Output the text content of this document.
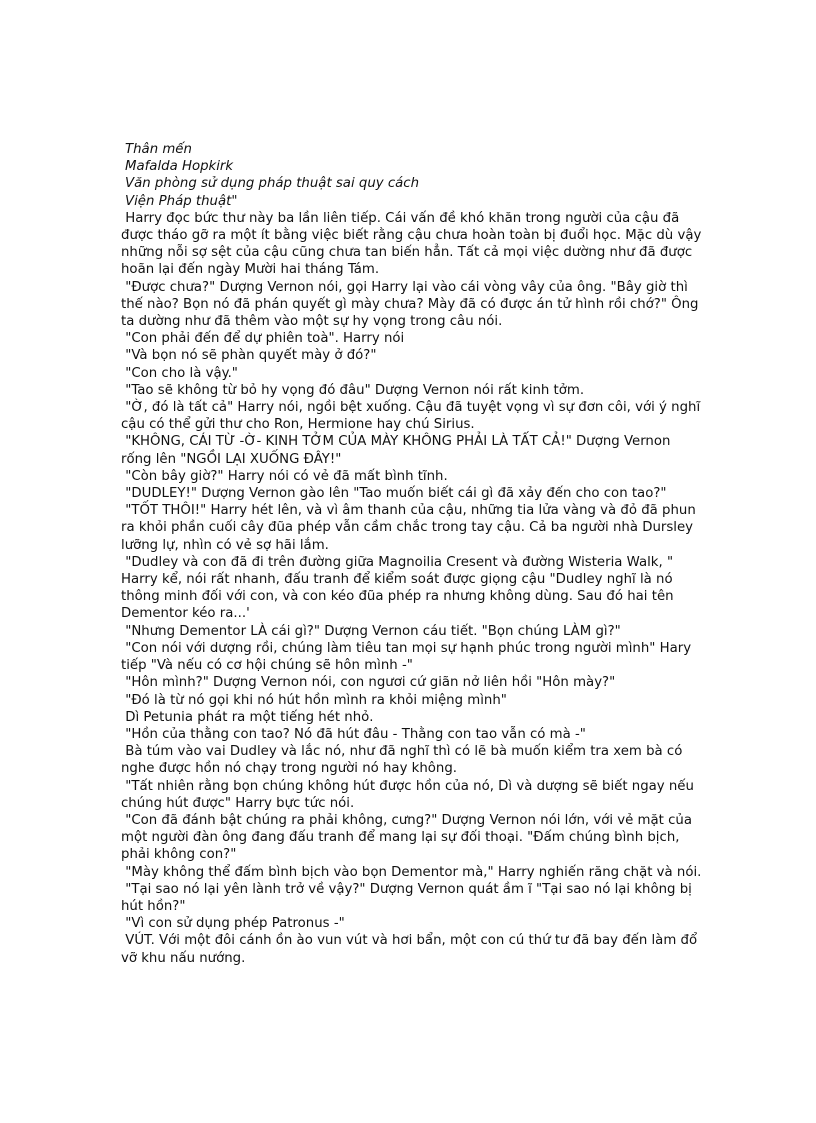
Thân mến
Mafalda Hopkirk
Văn phòng sử dụng pháp thuật sai quy cách
Viện Pháp thuật"
Harry đọc bức thư này ba lần liên tiếp. Cái vấn đề khó khăn trong người của cậu đã
được tháo gỡ ra một ít bằng việc biết rằng cậu chưa hoàn toàn bị đuổi học. Mặc dù vậy
những nỗi sợ sệt của cậu cũng chưa tan biến hẳn. Tất cả mọi việc dường như đã được
hoãn lại đến ngày Mười hai tháng Tám.
"Được chưa?" Dượng Vernon nói, gọi Harry lại vào cái vòng vây của ông. "Bây giờ thì
thế nào? Bọn nó đã phán quyết gì mày chưa? Mày đã có được án tử hình rồi chớ?" Ông
ta dường như đã thêm vào một sự hy vọng trong câu nói.
"Con phải đến để dự phiên toà". Harry nói
"Và bọn nó sẽ phàn quyết mày ở đó?"
"Con cho là vậy."
"Tao sẽ không từ bỏ hy vọng đó đâu" Dượng Vernon nói rất kinh tởm.
"Ờ, đó là tất cả" Harry nói, ngồi bệt xuống. Cậu đã tuyệt vọng vì sự đơn côi, với ý nghĩ
cậu có thể gửi thư cho Ron, Hermione hay chú Sirius.
"KHÔNG, CÁI TỪ -Ờ- KINH TỞM CỦA MÀY KHÔNG PHẢI LÀ TẤT CẢ!" Dượng Vernon
rống lên "NGỒI LẠI XUỐNG ĐÂY!"
"Còn bây giờ?" Harry nói có vẻ đã mất bình tĩnh.
"DUDLEY!" Dượng Vernon gào lên "Tao muốn biết cái gì đã xảy đến cho con tao?"
"TỐT THÔI!" Harry hét lên, và vì âm thanh của cậu, những tia lửa vàng và đỏ đã phun
ra khỏi phần cuối cây đũa phép vẫn cầm chắc trong tay cậu. Cả ba người nhà Dursley
lưỡng lự, nhìn có vẻ sợ hãi lắm.
"Dudley và con đã đi trên đường giữa Magnoilia Cresent và đường Wisteria Walk, "
Harry kể, nói rất nhanh, đấu tranh để kiểm soát được giọng cậu "Dudley nghĩ là nó
thông minh đối với con, và con kéo đũa phép ra nhưng không dùng. Sau đó hai tên
Dementor kéo ra...'
"Nhưng Dementor LÀ cái gì?" Dượng Vernon cáu tiết. "Bọn chúng LÀM gì?"
"Con nói với dượng rồi, chúng làm tiêu tan mọi sự hạnh phúc trong người mình" Hary
tiếp "Và nếu có cơ hội chúng sẽ hôn mình -"
"Hôn mình?" Dượng Vernon nói, con ngươi cứ giãn nở liên hồi "Hôn mày?"
"Đó là từ nó gọi khi nó hút hồn mình ra khỏi miệng mình"
Dì Petunia phát ra một tiếng hét nhỏ.
"Hồn của thằng con tao? Nó đã hút đâu - Thằng con tao vẫn có mà -"
Bà túm vào vai Dudley và lắc nó, như đã nghĩ thì có lẽ bà muốn kiểm tra xem bà có
nghe được hồn nó chạy trong người nó hay không.
"Tất nhiên rằng bọn chúng không hút được hồn của nó, Dì và dượng sẽ biết ngay nếu
chúng hút được" Harry bực tức nói.
"Con đã đánh bật chúng ra phải không, cưng?" Dượng Vernon nói lớn, với vẻ mặt của
một người đàn ông đang đấu tranh để mang lại sự đối thoại. "Đấm chúng bình bịch,
phải không con?"
"Mày không thể đấm bình bịch vào bọn Dementor mà," Harry nghiến răng chặt và nói.
"Tại sao nó lại yên lành trở về vậy?" Dượng Vernon quát ầm ĩ "Tại sao nó lại không bị
hút hồn?"
"Vì con sử dụng phép Patronus -"
VÚT. Với một đôi cánh ồn ào vun vút và hơi bẩn, một con cú thứ tư đã bay đến làm đổ
vỡ khu nấu nướng.
